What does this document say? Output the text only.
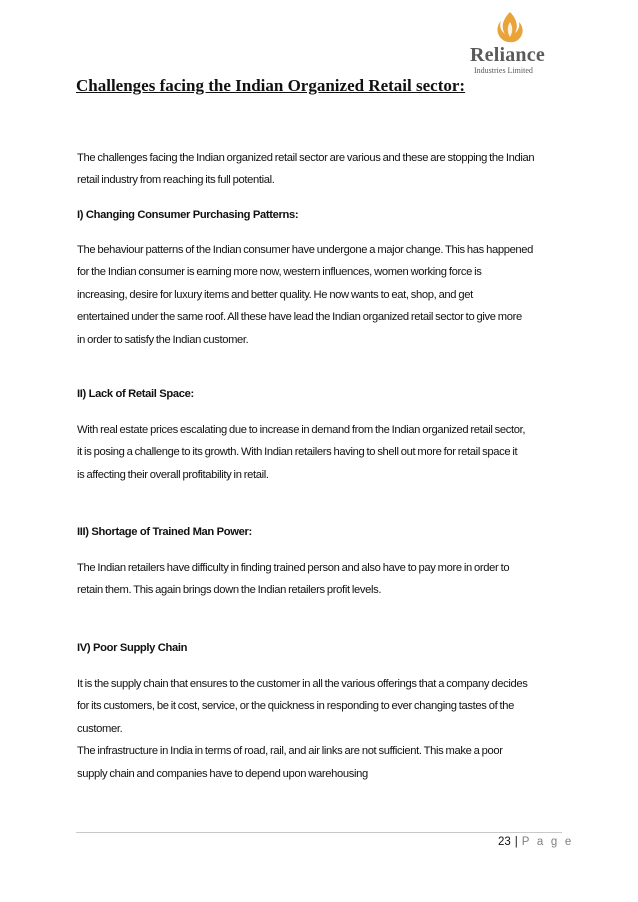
Reliance
Industries Limited
Challenges facing the Indian Organized Retail sector:
The challenges facing the Indian organized retail sector are various and these are stopping the Indian
retail industry from reaching its full potential.
I) Changing Consumer Purchasing Patterns:
The behaviour patterns of the Indian consumer have undergone a major change. This has happened
for the Indian consumer is earning more now, western influences, women working force is
increasing, desire for luxury items and better quality. He now wants to eat, shop, and get
entertained under the same roof. All these have lead the Indian organized retail sector to give more
in order to satisfy the Indian customer.
II) Lack of Retail Space:
With real estate prices escalating due to increase in demand from the Indian organized retail sector,
it is posing a challenge to its growth. With Indian retailers having to shell out more for retail space it
is affecting their overall profitability in retail.
III) Shortage of Trained Man Power:
The Indian retailers have difficulty in finding trained person and also have to pay more in order to
retain them. This again brings down the Indian retailers profit levels.
IV) Poor Supply Chain
It is the supply chain that ensures to the customer in all the various offerings that a company decides
for its customers, be it cost, service, or the quickness in responding to ever changing tastes of the
customer.
The infrastructure in India in terms of road, rail, and air links are not sufficient. This make a poor
supply chain and companies have to depend upon warehousing
23 | P a g e
